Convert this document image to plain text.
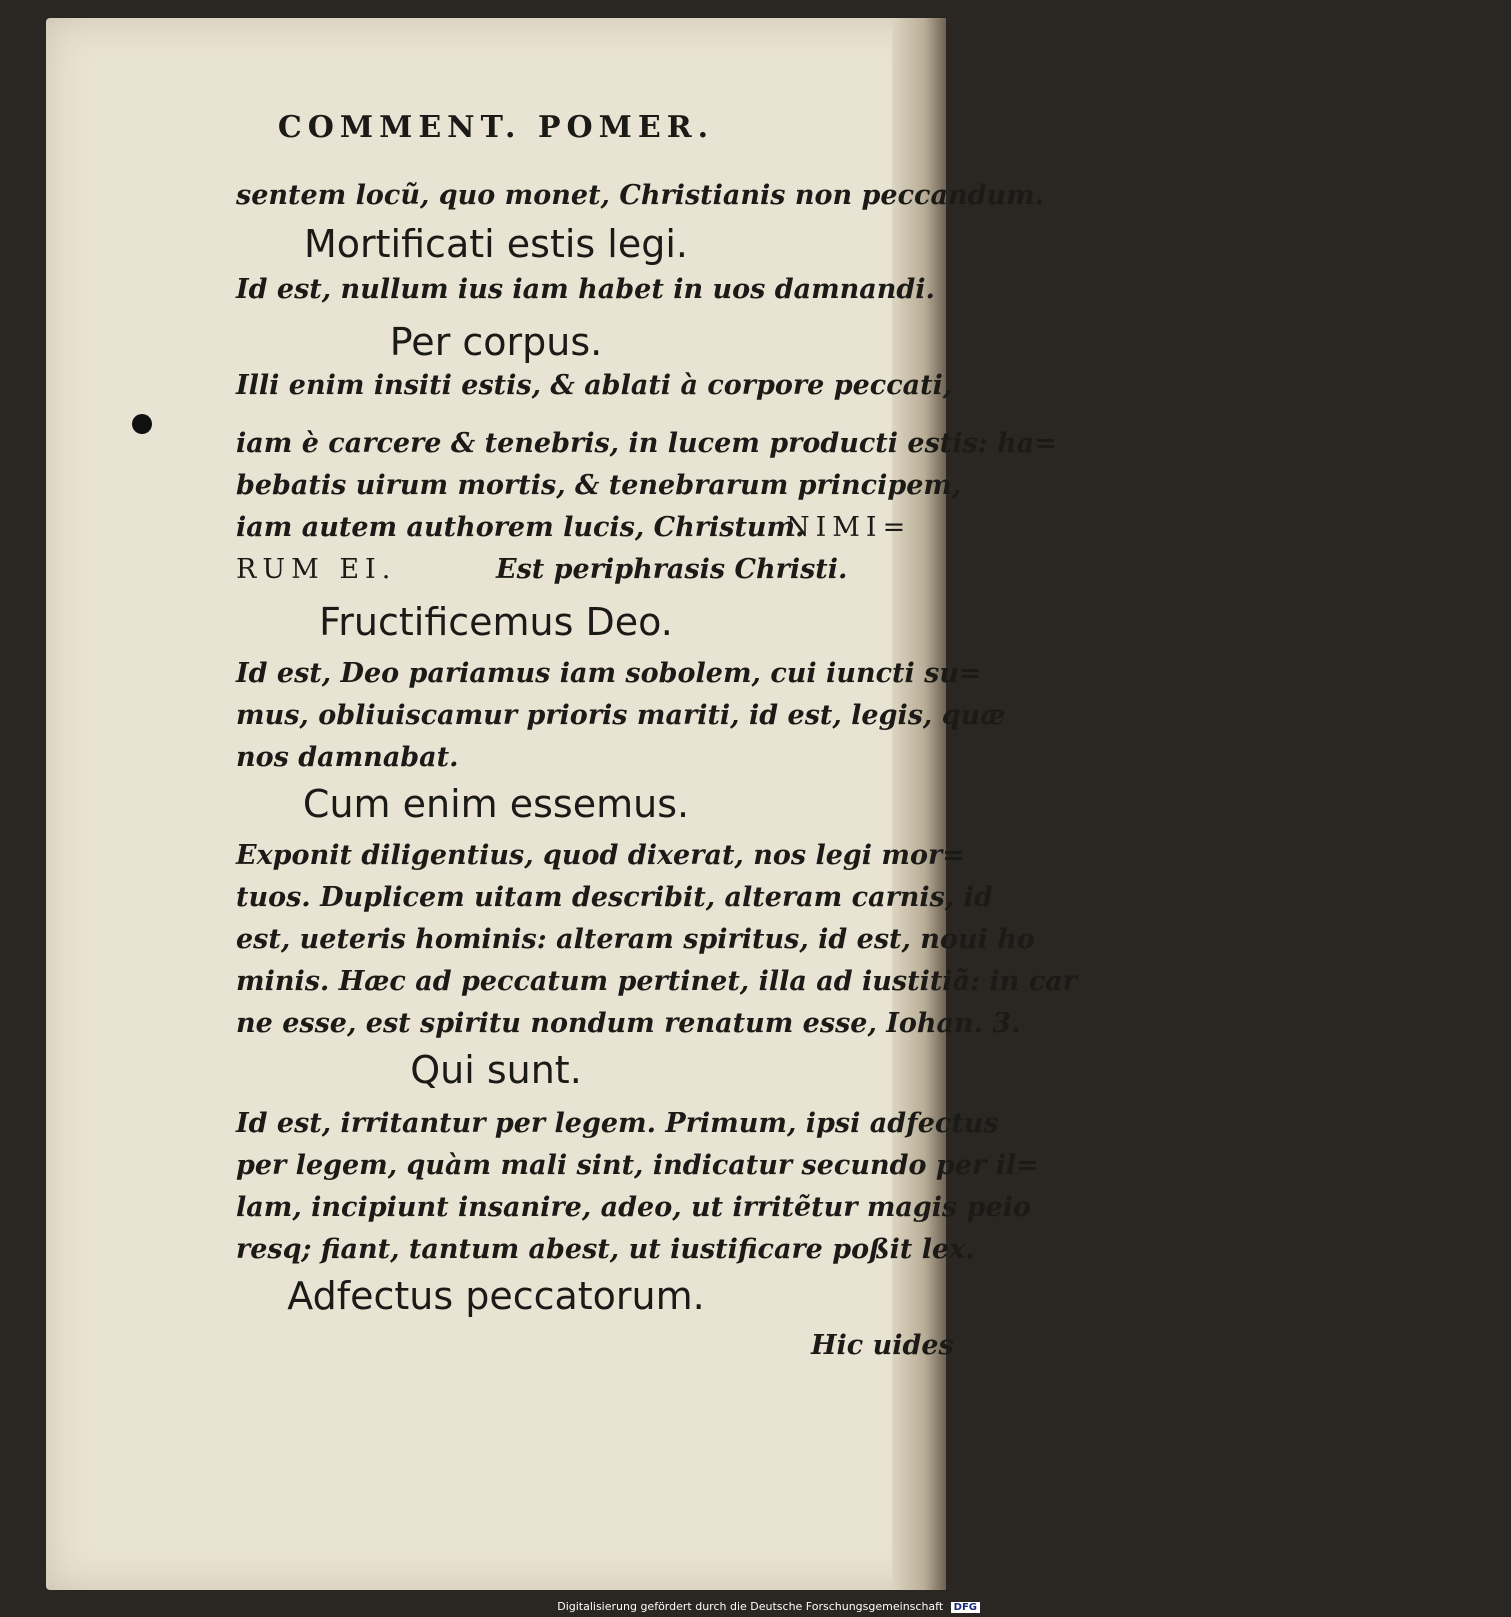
COMMENT. POMER.
sentem locũ, quo monet, Christianis non peccandum.
Id est, nullum ius iam habet in uos damnandi.
Illi enim insiti estis, & ablati à corpore peccati,
iam è carcere & tenebris, in lucem producti estis: ha=
bebatis uirum mortis, & tenebrarum principem,
iam autem authorem lucis, Christum.
Est periphrasis Christi.
Id est, Deo pariamus iam sobolem, cui iuncti su=
mus, obliuiscamur prioris mariti, id est, legis, quæ
nos damnabat.
Exponit diligentius, quod dixerat, nos legi mor=
tuos. Duplicem uitam describit, alteram carnis, id
est, ueteris hominis: alteram spiritus, id est, noui ho
minis. Hæc ad peccatum pertinet, illa ad iustitiã: in car
ne esse, est spiritu nondum renatum esse, Iohan. 3.
Id est, irritantur per legem. Primum, ipsi adfectus
per legem, quàm mali sint, indicatur secundo per il=
lam, incipiunt insanire, adeo, ut irritẽtur magis peio
resq; fiant, tantum abest, ut iustificare poßit lex.
Hic uides
Mortificati estis legi.
Per corpus.
Fructificemus Deo.
Cum enim essemus.
Qui sunt.
Adfectus peccatorum.
NIMI=
RUM EI.
Digitalisierung gefördert durch die Deutsche Forschungsgemeinschaft DFG
